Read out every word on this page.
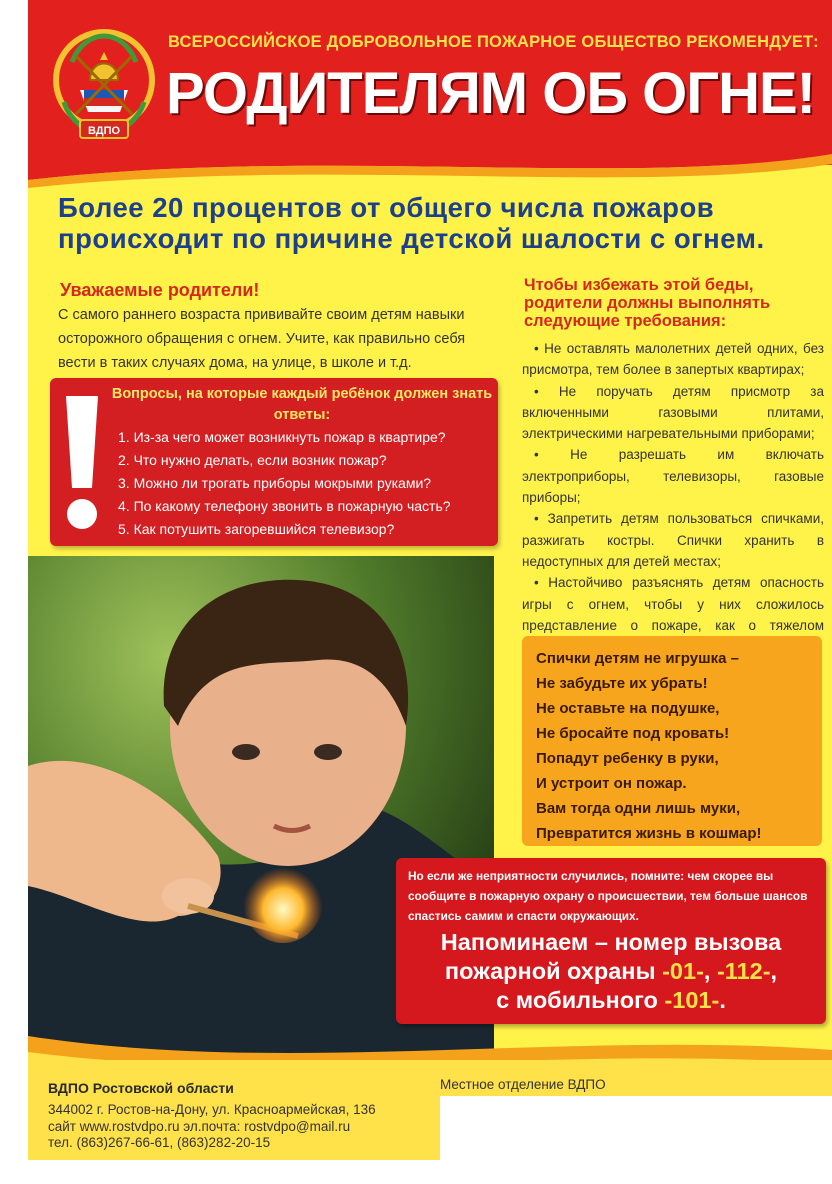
ВДПО
ВСЕРОССИЙСКОЕ ДОБРОВОЛЬНОЕ ПОЖАРНОЕ ОБЩЕСТВО РЕКОМЕНДУЕТ:
РОДИТЕЛЯМ ОБ ОГНЕ!
Более 20 процентов от общего числа пожаров
происходит по причине детской шалости с огнем.
Уважаемые родители!
С самого раннего возраста прививайте своим детям навыки осторожного обращения с огнем. Учите, как правильно себя вести в таких случаях дома, на улице, в школе и т.д.
Вопросы, на которые каждый ребёнок должен знать ответы:
1. Из-за чего может возникнуть пожар в квартире?
2. Что нужно делать, если возник пожар?
3. Можно ли трогать приборы мокрыми руками?
4. По какому телефону звонить в пожарную часть?
5. Как потушить загоревшийся телевизор?
Чтобы избежать этой беды, родители должны выполнять следующие требования:

• Не оставлять малолетних детей одних, без присмотра, тем более в запертых квартирах;

• Не поручать детям присмотр за включенными газовыми плитами, электрическими нагревательными приборами;

• Не разрешать им включать электроприборы, телевизоры, газовые приборы;

• Запретить детям пользоваться спичками, разжигать костры. Спички хранить в недоступных для детей местах;

• Настойчиво разъяснять детям опасность игры с огнем, чтобы у них сложилось представление о пожаре, как о тяжелом

Спички детям не игрушка –
Не забудьте их убрать!
Не оставьте на подушке,
Не бросайте под кровать!
Попадут ребенку в руки,
И устроит он пожар.
Вам тогда одни лишь муки,
Превратится жизнь в кошмар!
Но если же неприятности случились, помните: чем скорее вы сообщите в пожарную охрану о происшествии, тем больше шансов спастись самим и спасти окружающих.
Напоминаем – номер вызова
пожарной охраны -01-, -112-,
с мобильного -101-.
ВДПО Ростовской области
344002 г. Ростов-на-Дону, ул. Красноармейская, 136
сайт www.rostvdpo.ru эл.почта: rostvdpo@mail.ru
тел. (863)267-66-61, (863)282-20-15
Местное отделение ВДПО
